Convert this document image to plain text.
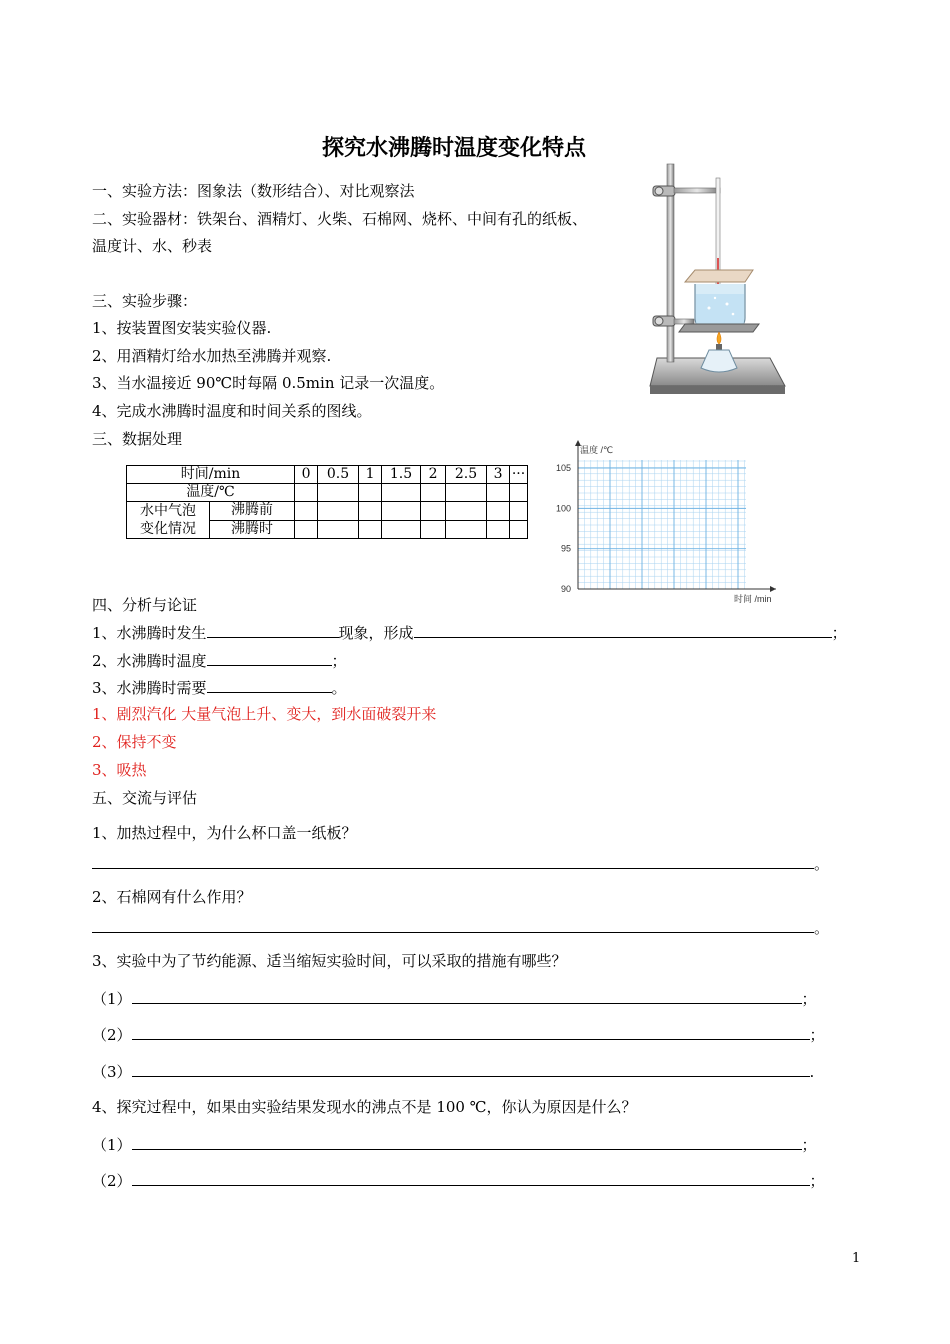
探究水沸腾时温度变化特点
一、实验方法：图象法（数形结合）、对比观察法
二、实验器材：铁架台、酒精灯、火柴、石棉网、烧杯、中间有孔的纸板、
温度计、水、秒表
三、实验步骤：
1、按装置图安装实验仪器.
2、用酒精灯给水加热至沸腾并观察.
3、当水温接近 90℃时每隔 0.5min 记录一次温度。
4、完成水沸腾时温度和时间关系的图线。
三、数据处理
时间/min		0	0.5	1	1.5	2	2.5	3	···
温度/℃									

水中气泡
变化情况	沸腾前								
	沸腾时								
90
95
100
105
温度 /℃
时间 /min
四、分析与论证
1、水沸腾时发生	现象，形成	；
2、水沸腾时温度	；
3、水沸腾时需要	。
1、剧烈汽化 大量气泡上升、变大，到水面破裂开来
2、保持不变
3、吸热
五、交流与评估
1、加热过程中，为什么杯口盖一纸板？
。
2、石棉网有什么作用？
。
3、实验中为了节约能源、适当缩短实验时间，可以采取的措施有哪些？
（1）	；
（2）	；
（3）	.
4、探究过程中，如果由实验结果发现水的沸点不是 100 ℃，你认为原因是什么？
（1）	；
（2）	；
1
